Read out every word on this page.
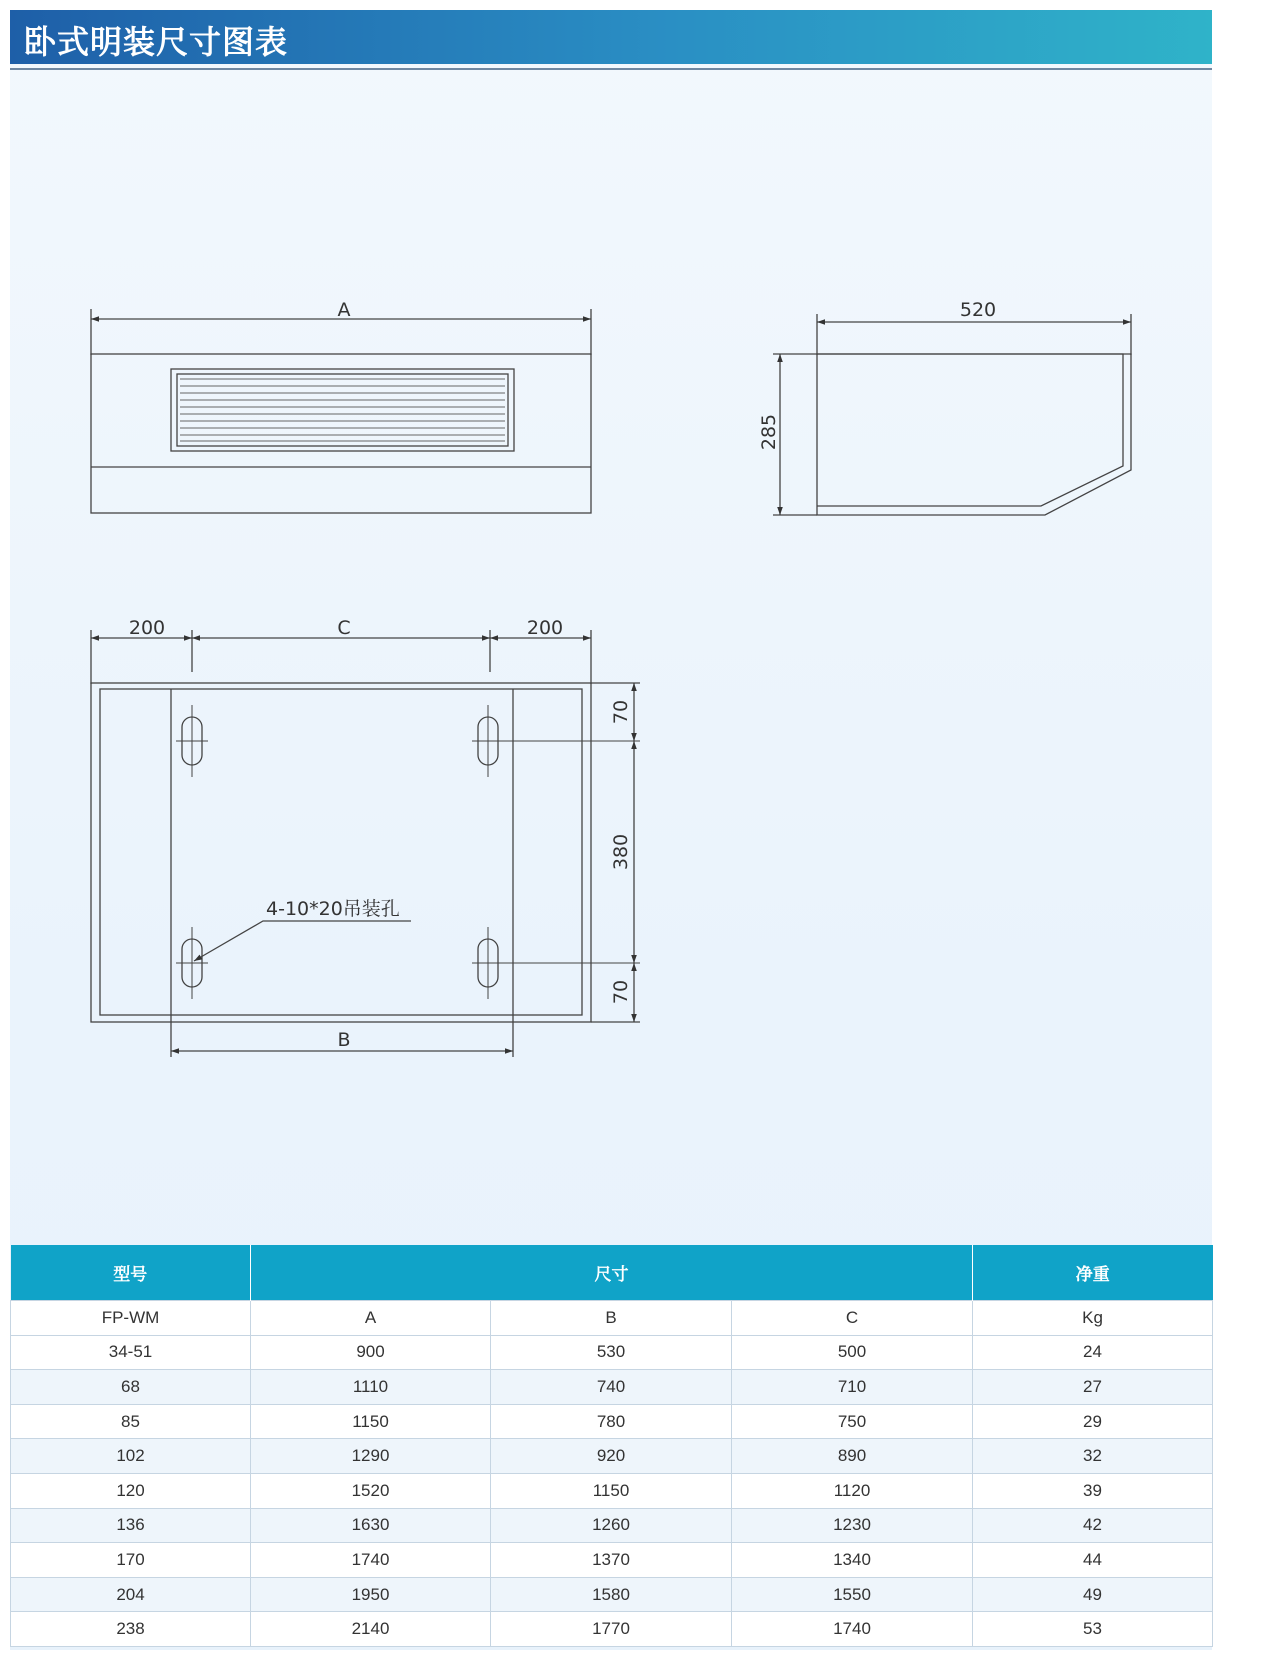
卧式明装尺寸图表
A	520
285
200	C	200
70
380
70
4-10*20吊装孔
B
型号	尺寸			净重
FP-WM	A	B	C	Kg
34-51	900	530	500	24
68	1110	740	710	27
85	1150	780	750	29
102	1290	920	890	32
120	1520	1150	1120	39
136	1630	1260	1230	42
170	1740	1370	1340	44
204	1950	1580	1550	49
238	2140	1770	1740	53
